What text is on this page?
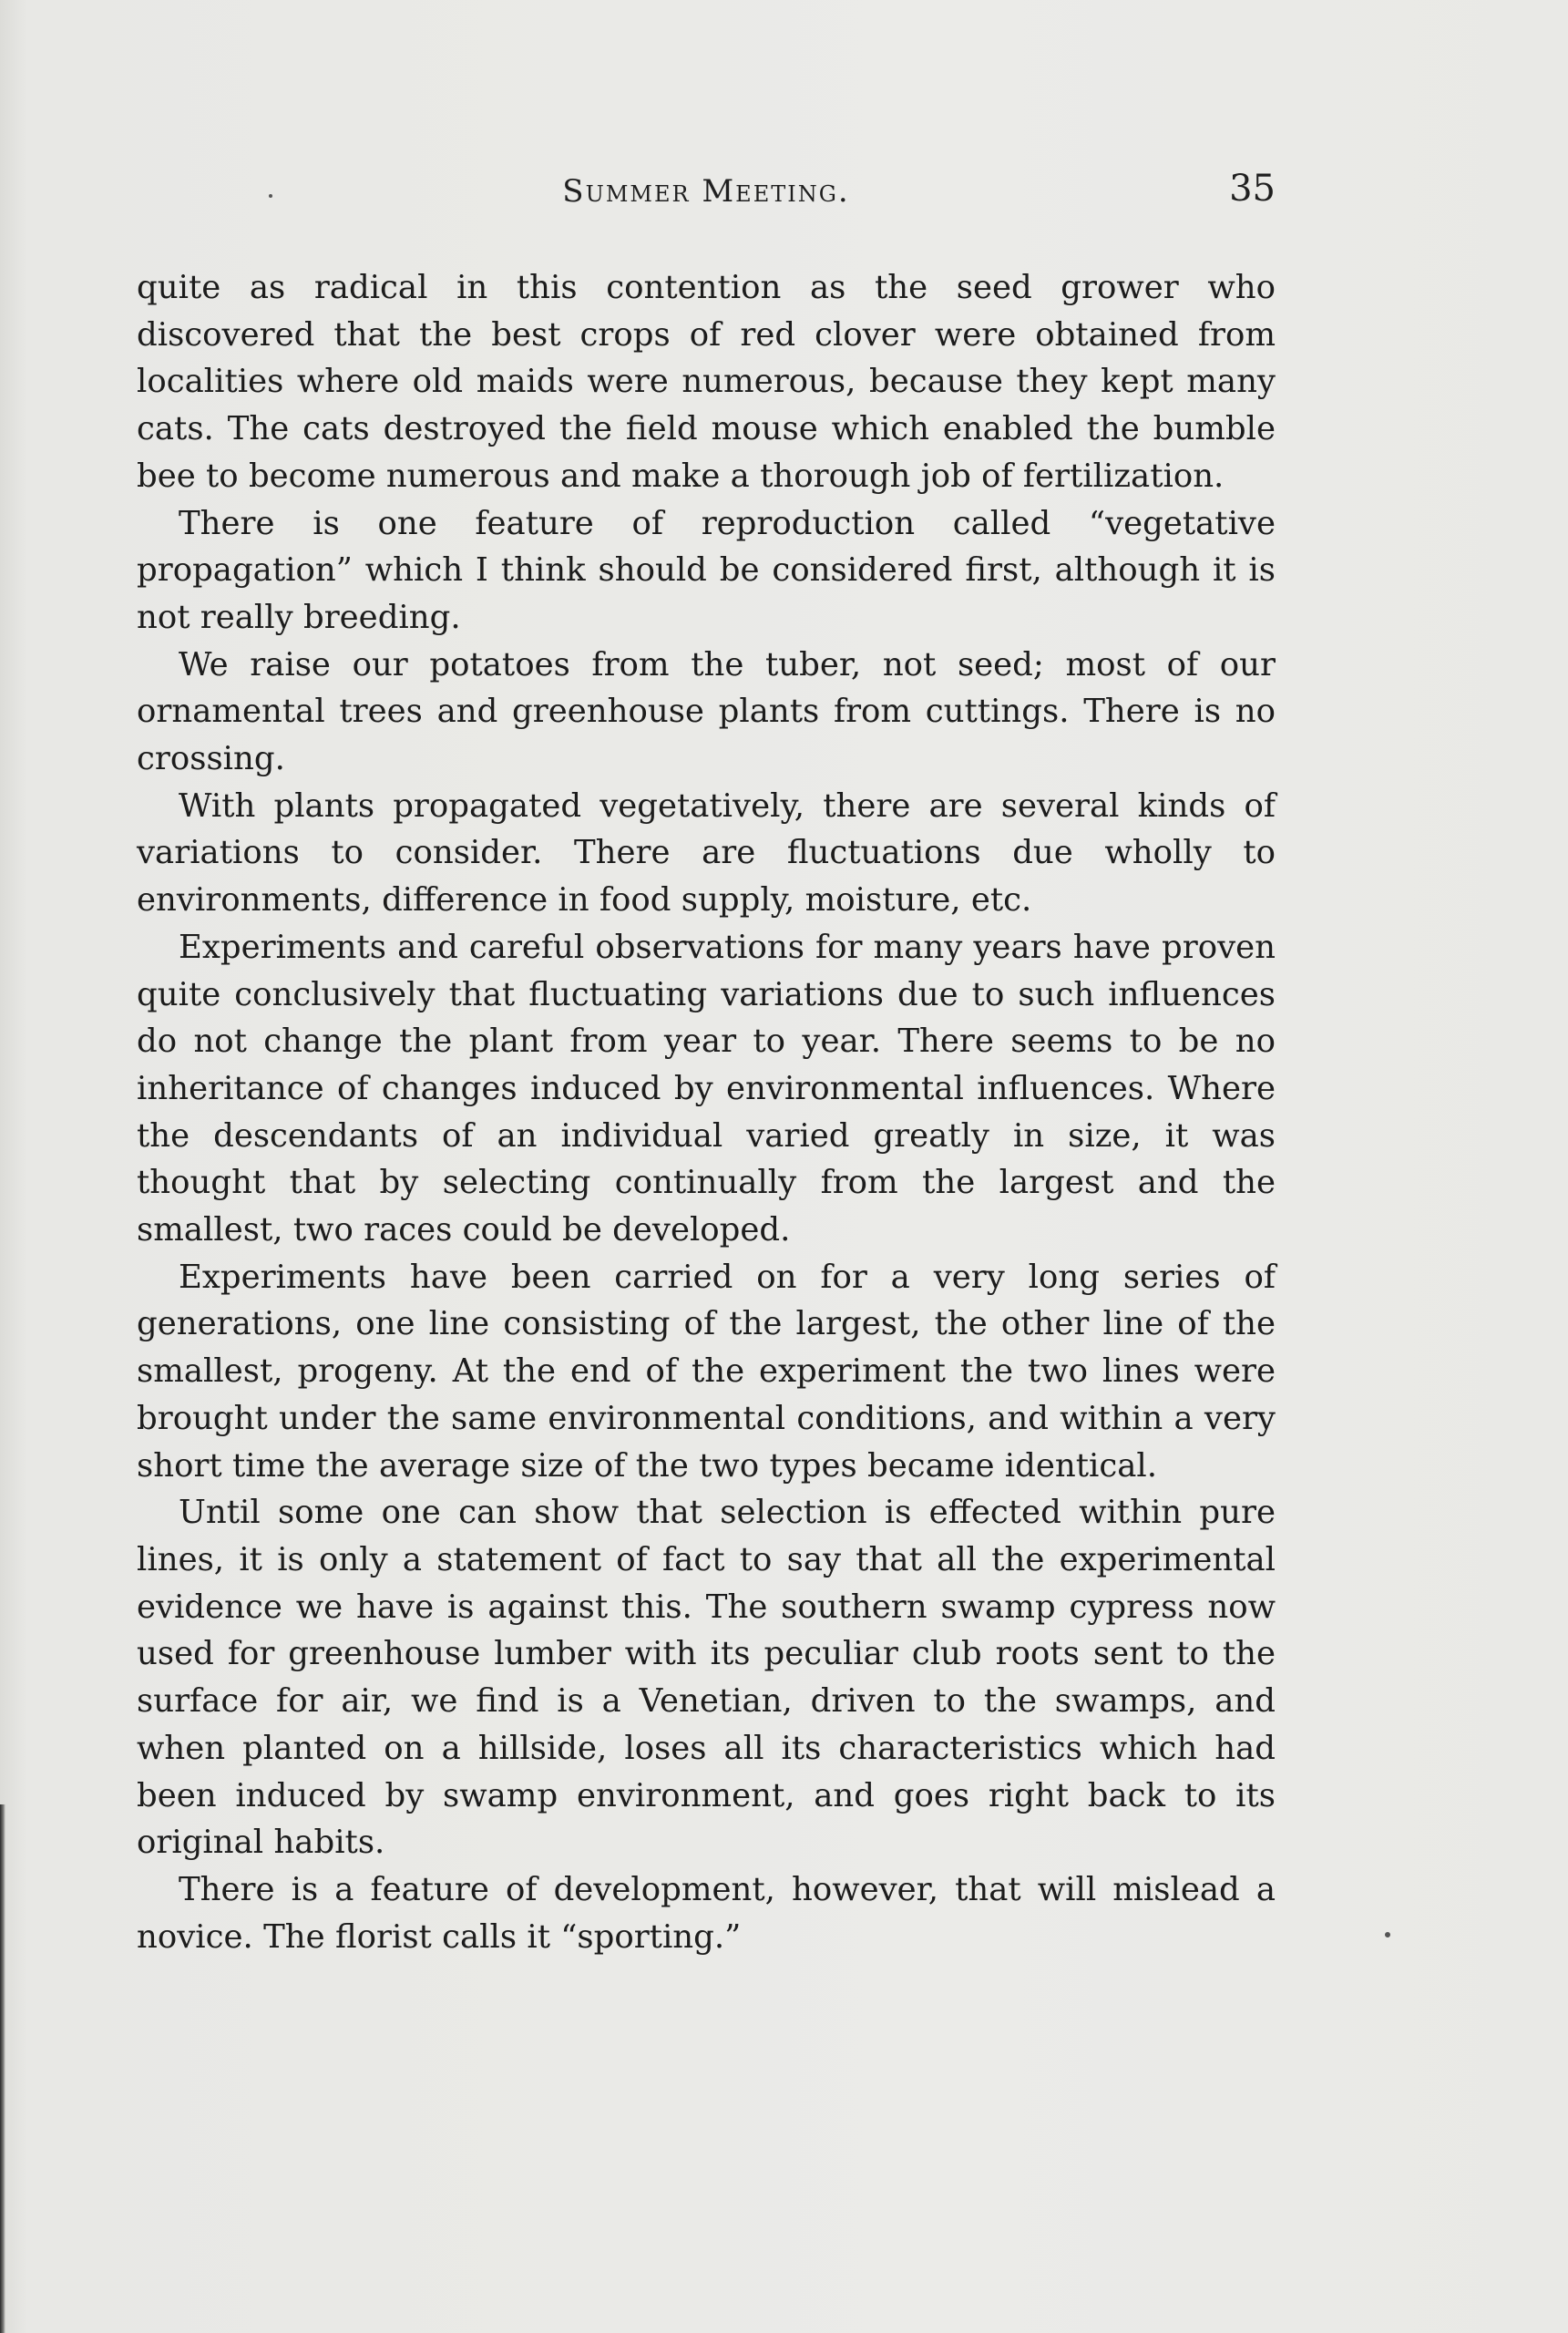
Summer Meeting.	35

quite as radical in this contention as the seed grower who discovered that the best crops of red clover were obtained from localities where old maids were numerous, because they kept many cats. The cats destroyed the field mouse which enabled the bumble bee to become numerous and make a thorough job of fertilization.

There is one feature of reproduction called “vegetative propagation” which I think should be considered first, although it is not really breeding.

We raise our potatoes from the tuber, not seed; most of our ornamental trees and greenhouse plants from cuttings. There is no crossing.

With plants propagated vegetatively, there are several kinds of variations to consider. There are fluctuations due wholly to environments, difference in food supply, moisture, etc.

Experiments and careful observations for many years have proven quite conclusively that fluctuating variations due to such influences do not change the plant from year to year. There seems to be no inheritance of changes induced by environmental influences. Where the descendants of an individual varied greatly in size, it was thought that by selecting continually from the largest and the smallest, two races could be developed.

Experiments have been carried on for a very long series of generations, one line consisting of the largest, the other line of the smallest, progeny. At the end of the experiment the two lines were brought under the same environmental conditions, and within a very short time the average size of the two types became identical.

Until some one can show that selection is effected within pure lines, it is only a statement of fact to say that all the experimental evidence we have is against this. The southern swamp cypress now used for greenhouse lumber with its peculiar club roots sent to the surface for air, we find is a Venetian, driven to the swamps, and when planted on a hillside, loses all its characteristics which had been induced by swamp environment, and goes right back to its original habits.

There is a feature of development, however, that will mislead a novice. The florist calls it “sporting.”
